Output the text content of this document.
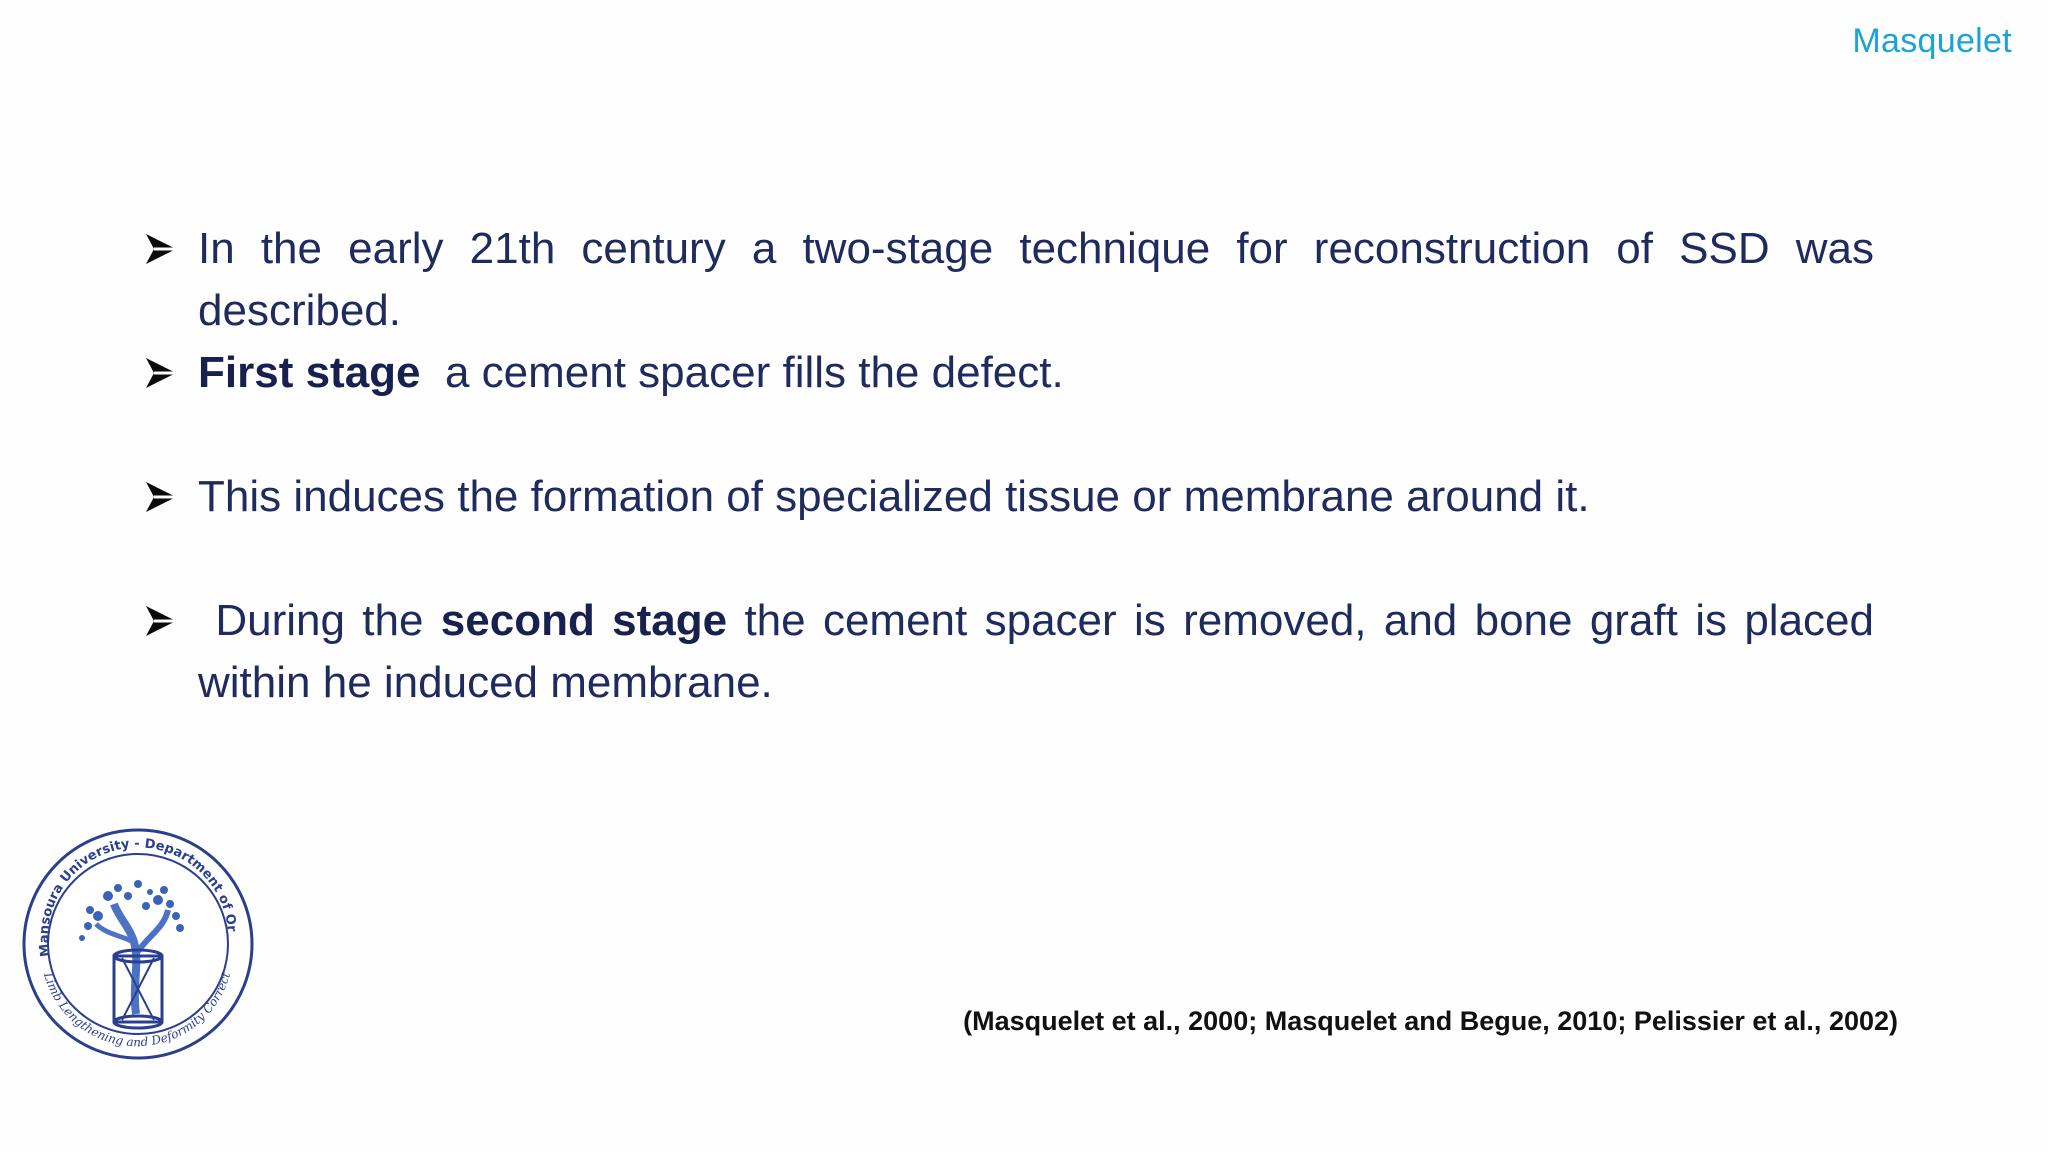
Masquelet
In the early 21th century a two-stage technique for reconstruction of SSD was described.
First stage  a cement spacer fills the defect.
This induces the formation of specialized tissue or membrane around it.
During the second stage the cement spacer is removed, and bone graft is placed within he induced membrane.
(Masquelet et al., 2000; Masquelet and Begue, 2010; Pelissier et al., 2002)
Mansoura University - Department of Or
Limb Lengthening and Deformity Correct
